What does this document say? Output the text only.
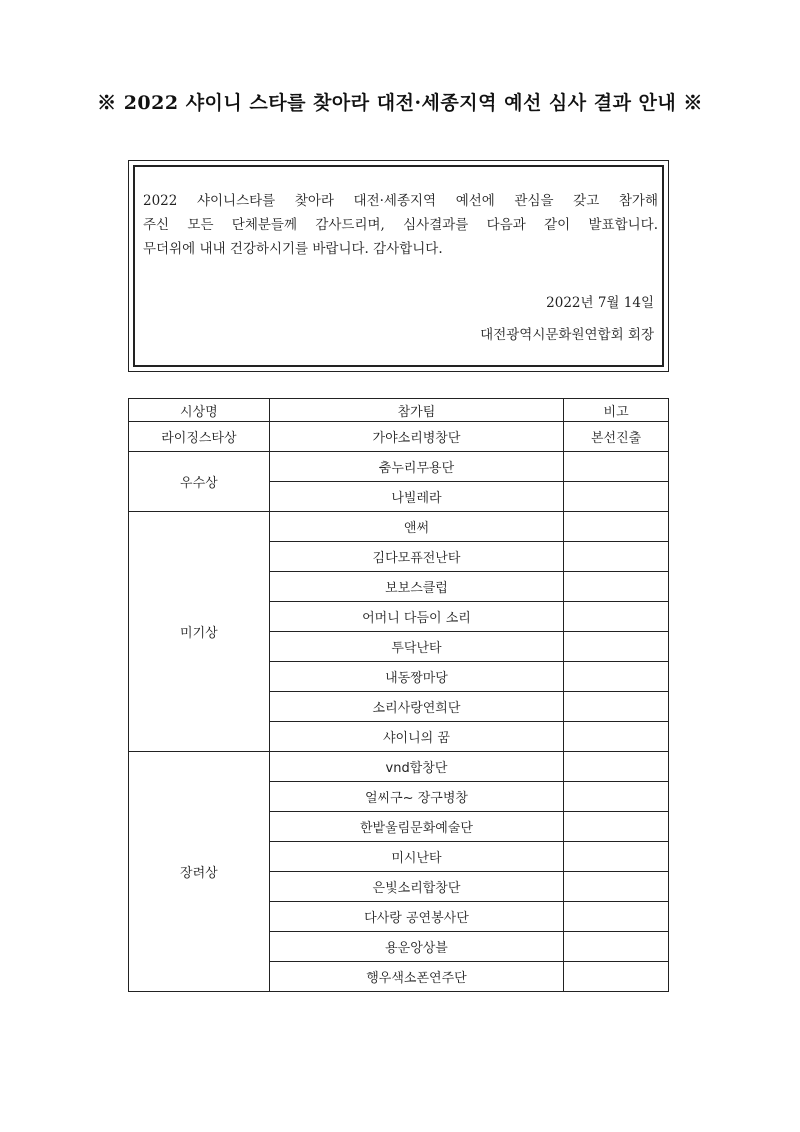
※ 2022 샤이니 스타를 찾아라 대전·세종지역 예선 심사 결과 안내 ※

2022 샤이니스타를 찾아라 대전·세종지역 예선에 관심을 갖고 참가해

주신 모든 단체분들께 감사드리며, 심사결과를 다음과 같이 발표합니다.

무더위에 내내 건강하시기를 바랍니다. 감사합니다.

2022년 7월 14일
대전광역시문화원연합회 회장
시상명	참가팀	비고
라이징스타상	가야소리병창단	본선진출
우수상	춤누리무용단	
	나빌레라	
미기상	앤써	
	김다모퓨전난타	
	보보스클럽	
	어머니 다듬이 소리	
	투닥난타	
	내동짱마당	
	소리사랑연희단	
	샤이니의 꿈	
장려상	vnd합창단	
	얼씨구~ 장구병창	
	한밭울림문화예술단	
	미시난타	
	은빛소리합창단	
	다사랑 공연봉사단	
	용운앙상블	
	행우색소폰연주단	
